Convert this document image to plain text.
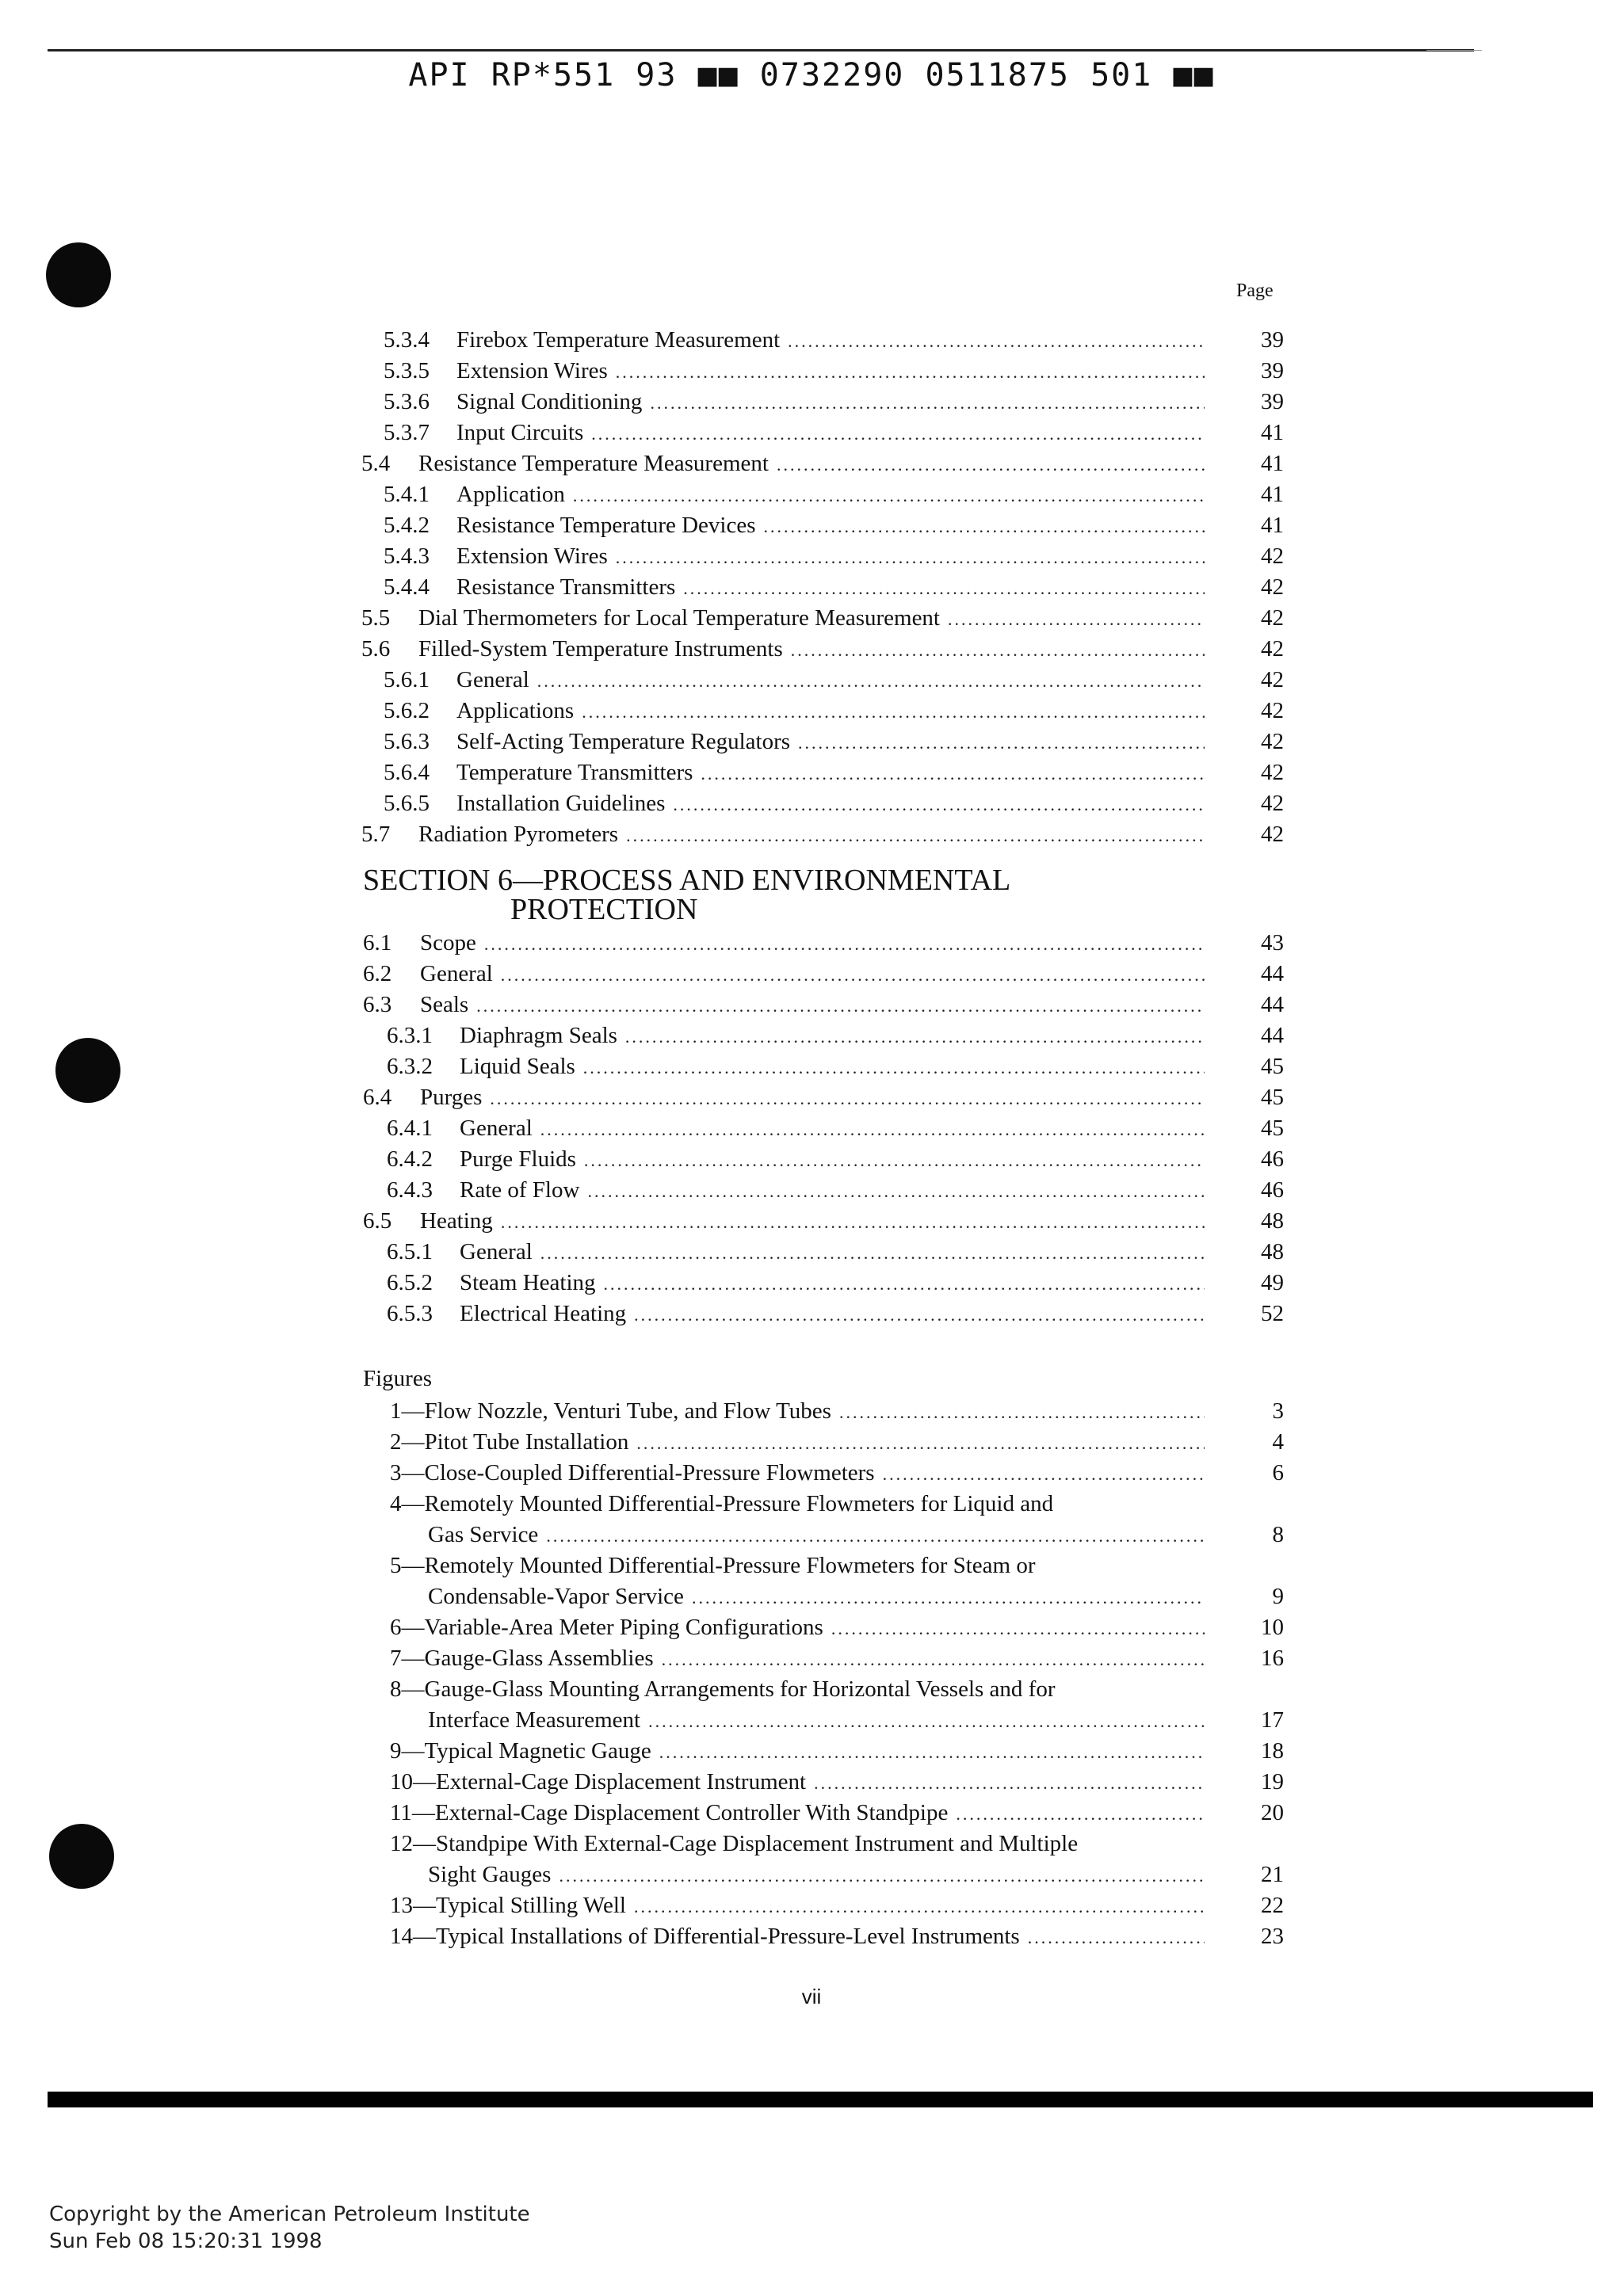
API RP*551 93 ■■ 0732290 0511875 501 ■■
Page
5.3.4	Firebox Temperature Measurement .....	39
5.3.5	Extension Wires .....	39
5.3.6	Signal Conditioning .....	39
5.3.7	Input Circuits .....	41
5.4	Resistance Temperature Measurement .....	41
5.4.1	Application .....	41
5.4.2	Resistance Temperature Devices .....	41
5.4.3	Extension Wires .....	42
5.4.4	Resistance Transmitters .....	42
5.5	Dial Thermometers for Local Temperature Measurement .....	42
5.6	Filled-System Temperature Instruments .....	42
5.6.1	General .....	42
5.6.2	Applications .....	42
5.6.3	Self-Acting Temperature Regulators .....	42
5.6.4	Temperature Transmitters .....	42
5.6.5	Installation Guidelines .....	42
5.7	Radiation Pyrometers .....	42
6.1	Scope .....	43
6.2	General .....	44
6.3	Seals .....	44
6.3.1	Diaphragm Seals .....	44
6.3.2	Liquid Seals .....	45
6.4	Purges .....	45
6.4.1	General .....	45
6.4.2	Purge Fluids .....	46
6.4.3	Rate of Flow .....	46
6.5	Heating .....	48
6.5.1	General .....	48
6.5.2	Steam Heating .....	49
6.5.3	Electrical Heating .....	52
1—Flow Nozzle, Venturi Tube, and Flow Tubes .....	3
2—Pitot Tube Installation .....	4
3—Close-Coupled Differential-Pressure Flowmeters .....	6
4—Remotely Mounted Differential-Pressure Flowmeters for Liquid and
Gas Service .....	8
5—Remotely Mounted Differential-Pressure Flowmeters for Steam or
Condensable-Vapor Service .....	9
6—Variable-Area Meter Piping Configurations .....	10
7—Gauge-Glass Assemblies .....	16
8—Gauge-Glass Mounting Arrangements for Horizontal Vessels and for
Interface Measurement .....	17
9—Typical Magnetic Gauge .....	18
10—External-Cage Displacement Instrument .....	19
11—External-Cage Displacement Controller With Standpipe .....	20
12—Standpipe With External-Cage Displacement Instrument and Multiple
Sight Gauges .....	21
13—Typical Stilling Well .....	22
14—Typical Installations of Differential-Pressure-Level Instruments .....	23
SECTION 6—PROCESS AND ENVIRONMENTAL
PROTECTION
Figures
vii
Copyright by the American Petroleum Institute
Sun Feb 08 15:20:31 1998
